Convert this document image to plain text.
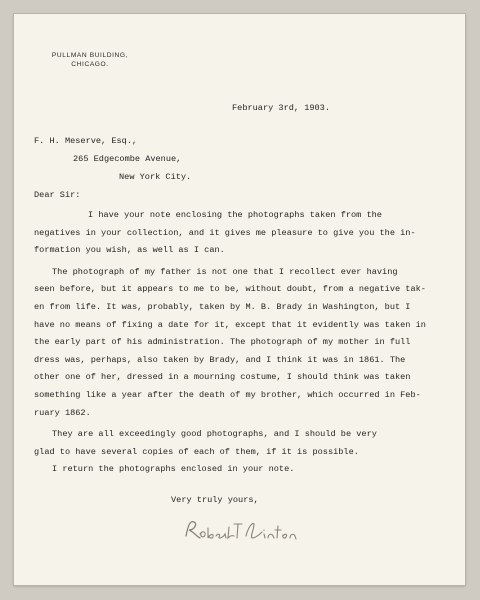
PULLMAN BUILDING,
CHICAGO.
February 3rd, 1903.
F. H. Meserve, Esq.,
265 Edgecombe Avenue,
New York City.
Dear Sir:
I have your note enclosing the photographs taken from the
negatives in your collection, and it gives me pleasure to give you the in-
formation you wish, as well as I can.
The photograph of my father is not one that I recollect ever having
seen before, but it appears to me to be, without doubt, from a negative tak-
en from life. It was, probably, taken by M. B. Brady in Washington, but I
have no means of fixing a date for it, except that it evidently was taken in
the early part of his administration. The photograph of my mother in full
dress was, perhaps, also taken by Brady, and I think it was in 1861. The
other one of her, dressed in a mourning costume, I should think was taken
something like a year after the death of my brother, which occurred in Feb-
ruary 1862.
They are all exceedingly good photographs, and I should be very
glad to have several copies of each of them, if it is possible.
I return the photographs enclosed in your note.
Very truly yours,
